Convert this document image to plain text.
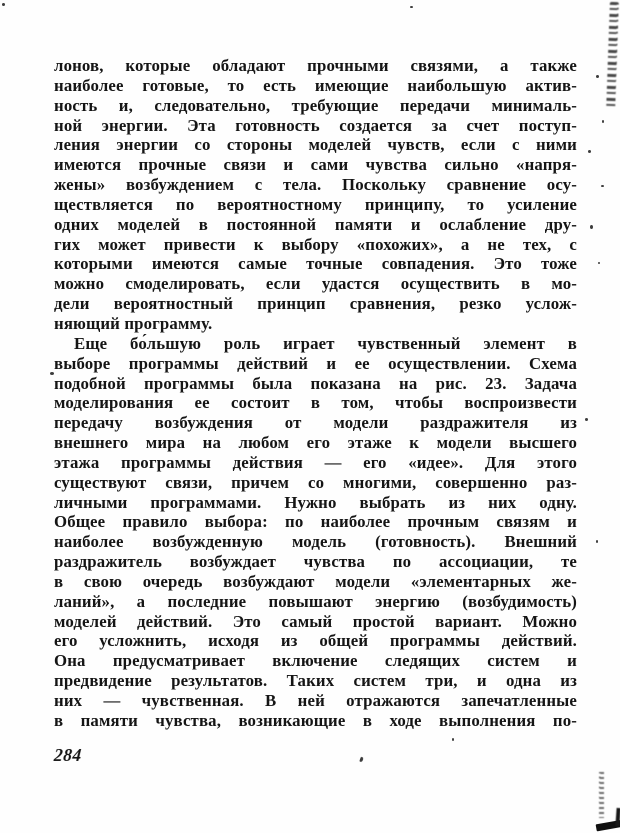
лонов, которые обладают прочными связями, а также
наиболее готовые, то есть имеющие наибольшую актив-
ность и, следовательно, требующие передачи минималь-
ной энергии. Эта готовность создается за счет поступ-
ления энергии со стороны моделей чувств, если с ними
имеются прочные связи и сами чувства сильно «напря-
жены» возбуждением с тела. Поскольку сравнение осу-
ществляется по вероятностному принципу, то усиление
одних моделей в постоянной памяти и ослабление дру-
гих может привести к выбору «похожих», а не тех, с
которыми имеются самые точные совпадения. Это тоже
можно смоделировать, если удастся осуществить в мо-
дели вероятностный принцип сравнения, резко услож-
няющий программу.
Еще бо́льшую роль играет чувственный элемент в
выборе программы действий и ее осуществлении. Схема
подобной программы была показана на рис. 23. Задача
моделирования ее состоит в том, чтобы воспроизвести
передачу возбуждения от модели раздражителя из
внешнего мира на любом его этаже к модели высшего
этажа программы действия — его «идее». Для этого
существуют связи, причем со многими, совершенно раз-
личными программами. Нужно выбрать из них одну.
Общее правило выбора: по наиболее прочным связям и
наиболее возбужденную модель (готовность). Внешний
раздражитель возбуждает чувства по ассоциации, те
в свою очередь возбуждают модели «элементарных же-
ланий», а последние повышают энергию (возбудимость)
моделей действий. Это самый простой вариант. Можно
его усложнить, исходя из общей программы действий.
Она предусматривает включение следящих систем и
предвидение результатов. Таких систем три, и одна из
них — чувственная. В ней отражаются запечатленные
в памяти чувства, возникающие в ходе выполнения по-
284
